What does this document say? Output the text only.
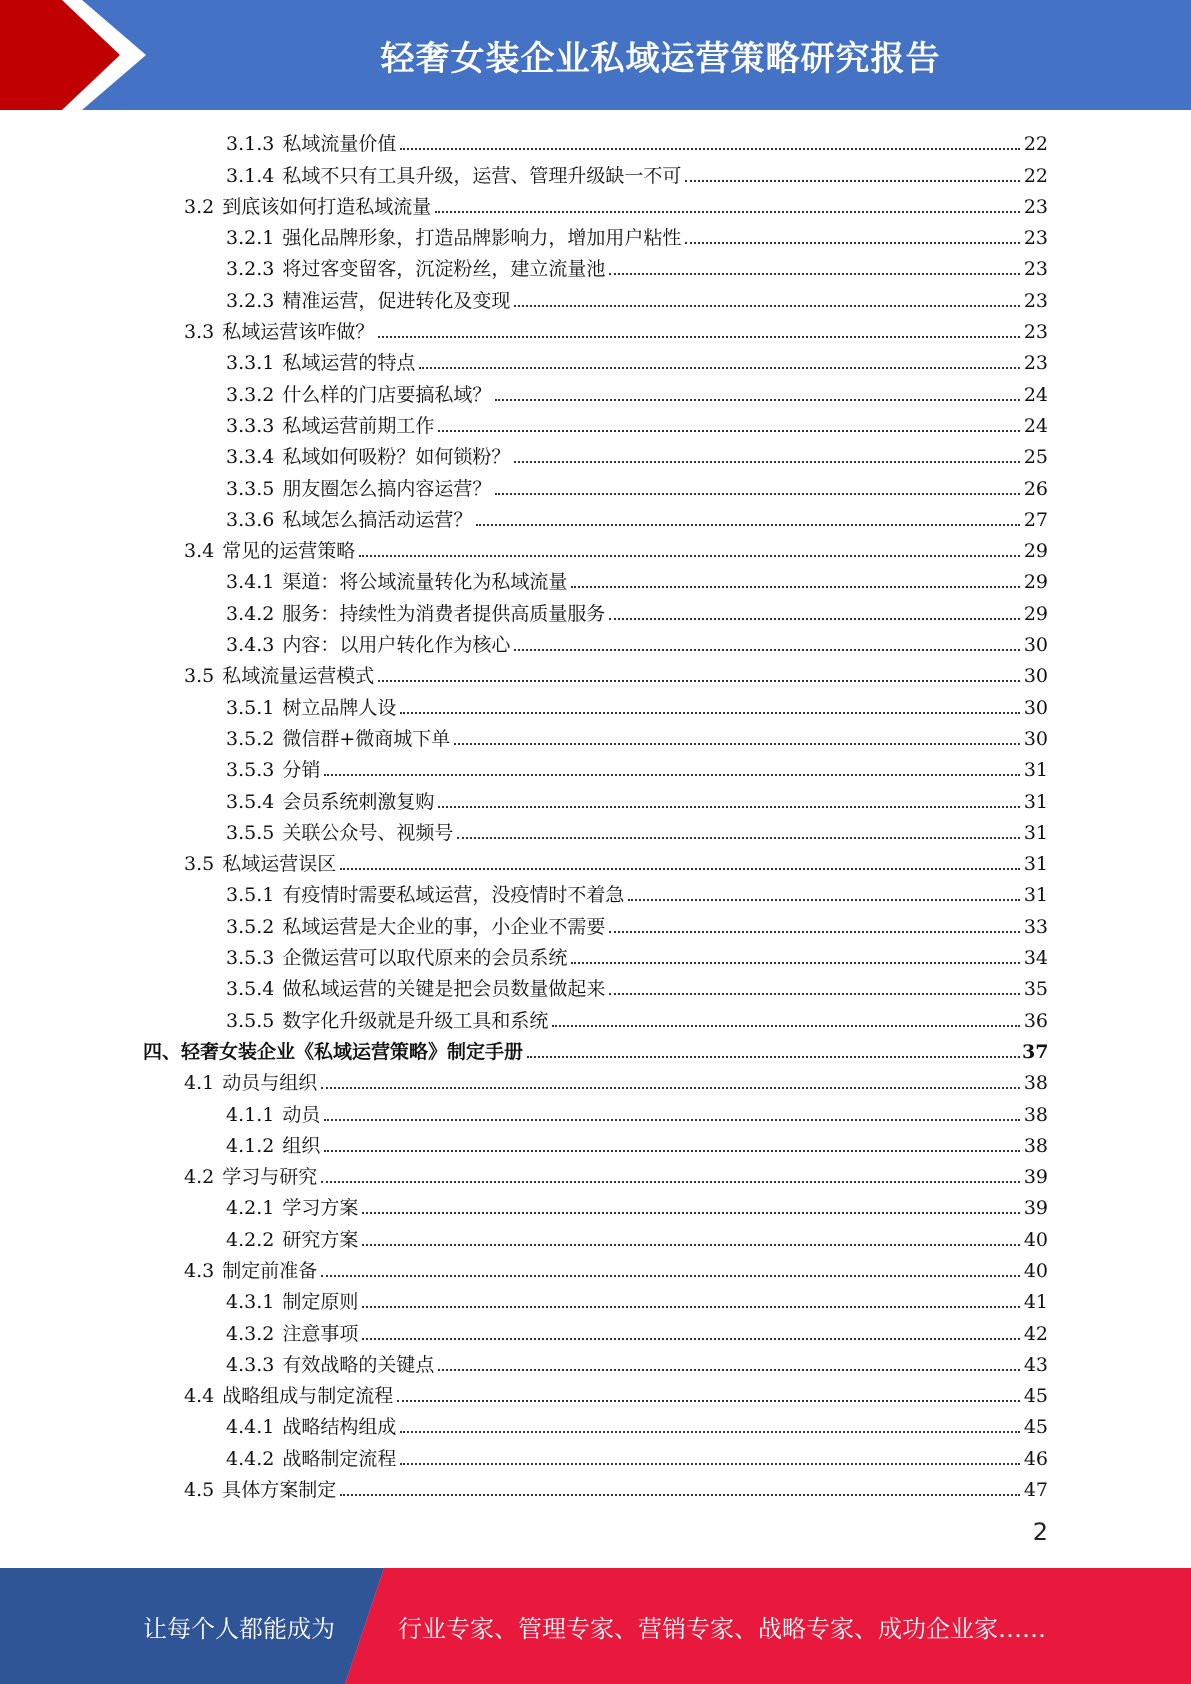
轻奢女装企业私域运营策略研究报告
3.1.3 私域流量价值	22
3.1.4 私域不只有工具升级，运营、管理升级缺一不可	22
3.2 到底该如何打造私域流量	23
3.2.1 强化品牌形象，打造品牌影响力，增加用户粘性	23
3.2.3 将过客变留客，沉淀粉丝，建立流量池	23
3.2.3 精准运营，促进转化及变现	23
3.3 私域运营该咋做？	23
3.3.1 私域运营的特点	23
3.3.2 什么样的门店要搞私域？	24
3.3.3 私域运营前期工作	24
3.3.4 私域如何吸粉？如何锁粉？	25
3.3.5 朋友圈怎么搞内容运营？	26
3.3.6 私域怎么搞活动运营？	27
3.4 常见的运营策略	29
3.4.1 渠道：将公域流量转化为私域流量	29
3.4.2 服务：持续性为消费者提供高质量服务	29
3.4.3 内容：以用户转化作为核心	30
3.5 私域流量运营模式	30
3.5.1 树立品牌人设	30
3.5.2 微信群+微商城下单	30
3.5.3 分销	31
3.5.4 会员系统刺激复购	31
3.5.5 关联公众号、视频号	31
3.5 私域运营误区	31
3.5.1 有疫情时需要私域运营，没疫情时不着急	31
3.5.2 私域运营是大企业的事，小企业不需要	33
3.5.3 企微运营可以取代原来的会员系统	34
3.5.4 做私域运营的关键是把会员数量做起来	35
3.5.5 数字化升级就是升级工具和系统	36
四、 轻奢女装企业《私域运营策略》制定手册	37
4.1 动员与组织	38
4.1.1 动员	38
4.1.2 组织	38
4.2 学习与研究	39
4.2.1 学习方案	39
4.2.2 研究方案	40
4.3 制定前准备	40
4.3.1 制定原则	41
4.3.2 注意事项	42
4.3.3 有效战略的关键点	43
4.4 战略组成与制定流程	45
4.4.1 战略结构组成	45
4.4.2 战略制定流程	46
4.5 具体方案制定	47
2
让每个人都能成为	行业专家、管理专家、营销专家、战略专家、成功企业家……
